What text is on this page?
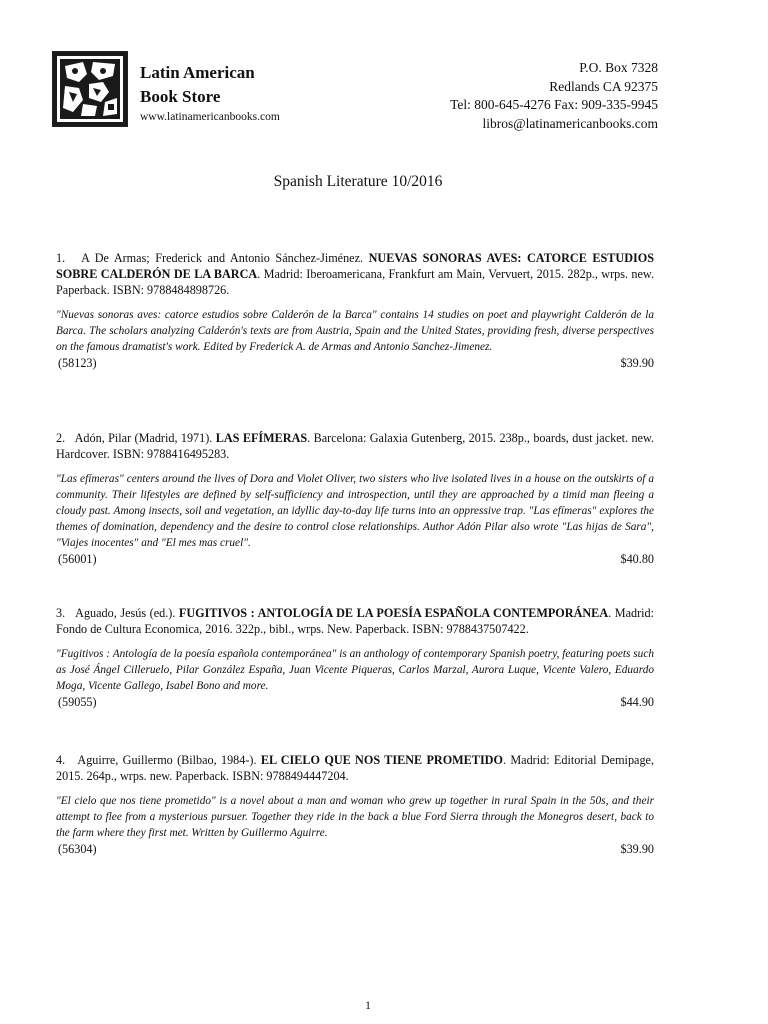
Latin American
Book Store
www.latinamericanbooks.com
P.O. Box 7328
Redlands CA 92375
Tel: 800-645-4276 Fax: 909-335-9945
libros@latinamericanbooks.com
Spanish Literature 10/2016

1. A De Armas; Frederick and Antonio Sánchez-Jiménez. NUEVAS SONORAS AVES: CATORCE ESTUDIOS SOBRE CALDERÓN DE LA BARCA. Madrid: Iberoamericana, Frankfurt am Main, Vervuert, 2015. 282p., wrps. new. Paperback. ISBN: 9788484898726.

"Nuevas sonoras aves: catorce estudios sobre Calderón de la Barca" contains 14 studies on poet and playwright Calderón de la Barca. The scholars analyzing Calderón's texts are from Austria, Spain and the United States, providing fresh, diverse perspectives on the famous dramatist's work. Edited by Frederick A. de Armas and Antonio Sanchez-Jimenez.

(58123)	$39.90

2. Adón, Pilar (Madrid, 1971). LAS EFÍMERAS. Barcelona: Galaxia Gutenberg, 2015. 238p., boards, dust jacket. new. Hardcover. ISBN: 9788416495283.

"Las efímeras" centers around the lives of Dora and Violet Oliver, two sisters who live isolated lives in a house on the outskirts of a community. Their lifestyles are defined by self-sufficiency and introspection, until they are approached by a timid man fleeing a cloudy past. Among insects, soil and vegetation, an idyllic day-to-day life turns into an oppressive trap. "Las efímeras" explores the themes of domination, dependency and the desire to control close relationships. Author Adón Pilar also wrote "Las hijas de Sara", "Viajes inocentes" and "El mes mas cruel".

(56001)	$40.80

3. Aguado, Jesús (ed.). FUGITIVOS : ANTOLOGÍA DE LA POESÍA ESPAÑOLA CONTEMPORÁNEA. Madrid: Fondo de Cultura Economica, 2016. 322p., bibl., wrps. New. Paperback. ISBN: 9788437507422.

"Fugitivos : Antología de la poesía española contemporánea" is an anthology of contemporary Spanish poetry, featuring poets such as José Ángel Cilleruelo, Pilar González España, Juan Vicente Piqueras, Carlos Marzal, Aurora Luque, Vicente Valero, Eduardo Moga, Vicente Gallego, Isabel Bono and more.

(59055)	$44.90

4. Aguirre, Guillermo (Bilbao, 1984-). EL CIELO QUE NOS TIENE PROMETIDO. Madrid: Editorial Demipage, 2015. 264p., wrps. new. Paperback. ISBN: 9788494447204.

"El cielo que nos tiene prometido" is a novel about a man and woman who grew up together in rural Spain in the 50s, and their attempt to flee from a mysterious pursuer. Together they ride in the back a blue Ford Sierra through the Monegros desert, back to the farm where they first met. Written by Guillermo Aguirre.

(56304)	$39.90
1
